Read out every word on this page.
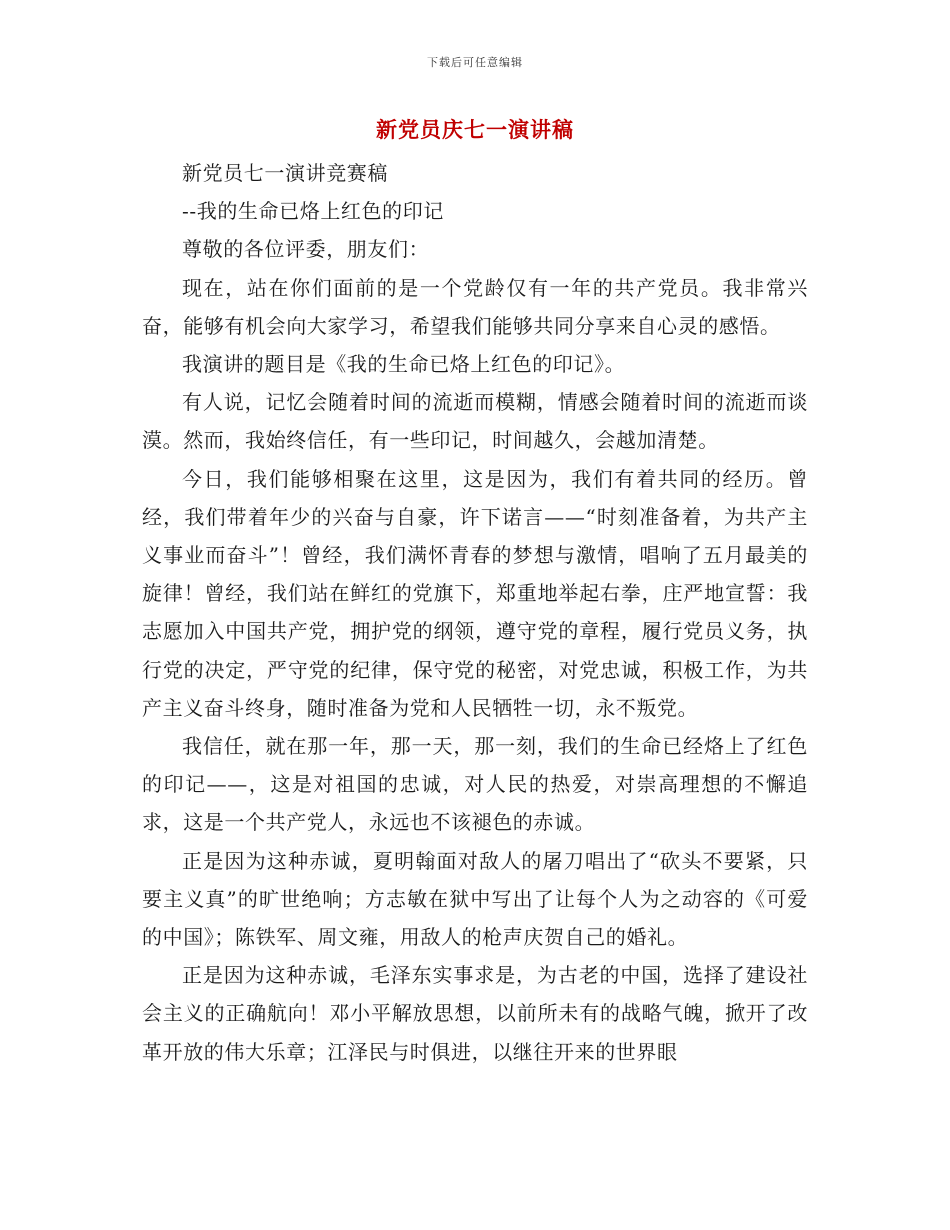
下载后可任意编辑
新党员庆七一演讲稿

新党员七一演讲竞赛稿

--我的生命已烙上红色的印记

尊敬的各位评委，朋友们：

现在，站在你们面前的是一个党龄仅有一年的共产党员。我非常兴奋，能够有机会向大家学习，希望我们能够共同分享来自心灵的感悟。

我演讲的题目是《我的生命已烙上红色的印记》。

有人说，记忆会随着时间的流逝而模糊，情感会随着时间的流逝而谈漠。然而，我始终信任，有一些印记，时间越久，会越加清楚。

今日，我们能够相聚在这里，这是因为，我们有着共同的经历。曾经，我们带着年少的兴奋与自豪，许下诺言——“时刻准备着，为共产主义事业而奋斗”！曾经，我们满怀青春的梦想与激情，唱响了五月最美的旋律！曾经，我们站在鲜红的党旗下，郑重地举起右拳，庄严地宣誓：我志愿加入中国共产党，拥护党的纲领，遵守党的章程，履行党员义务，执行党的决定，严守党的纪律，保守党的秘密，对党忠诚，积极工作，为共产主义奋斗终身，随时准备为党和人民牺牲一切，永不叛党。

我信任，就在那一年，那一天，那一刻，我们的生命已经烙上了红色的印记——，这是对祖国的忠诚，对人民的热爱，对崇高理想的不懈追求，这是一个共产党人，永远也不该褪色的赤诚。

正是因为这种赤诚，夏明翰面对敌人的屠刀唱出了“砍头不要紧，只要主义真”的旷世绝响；方志敏在狱中写出了让每个人为之动容的《可爱的中国》；陈铁军、周文雍，用敌人的枪声庆贺自己的婚礼。

正是因为这种赤诚，毛泽东实事求是，为古老的中国，选择了建设社会主义的正确航向！邓小平解放思想，以前所未有的战略气魄，掀开了改革开放的伟大乐章；江泽民与时俱进，以继往开来的世界眼
